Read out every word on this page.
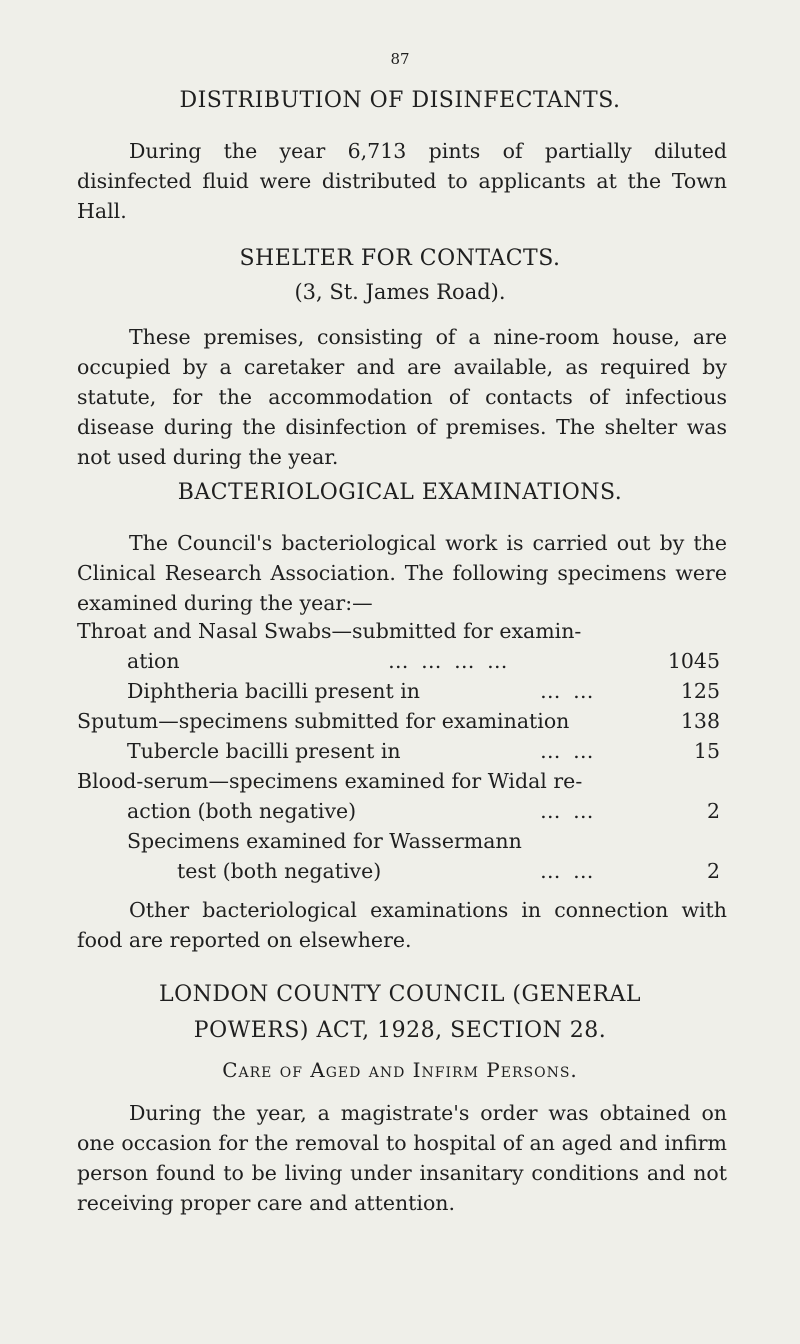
87
DISTRIBUTION OF DISINFECTANTS.

During the year 6,713 pints of partially diluted disinfected fluid were distributed to applicants at the Town Hall.

SHELTER FOR CONTACTS.
(3, St. James Road).

These premises, consisting of a nine-room house, are occupied by a caretaker and are available, as required by statute, for the accommodation of contacts of infectious disease during the disinfection of premises. The shelter was not used during the year.

BACTERIOLOGICAL EXAMINATIONS.

The Council's bacteriological work is carried out by the Clinical Research Association. The following specimens were examined during the year:—

Throat and Nasal Swabs—submitted for examin-
ation	… … … …	1045
Diphtheria bacilli present in	… …	125
Sputum—specimens submitted for examination	138
Tubercle bacilli present in	… …	15
Blood-serum—specimens examined for Widal re-
action (both negative)	… …	2
Specimens examined for Wassermann
test (both negative)	… …	2

Other bacteriological examinations in connection with food are reported on elsewhere.

LONDON COUNTY COUNCIL (GENERAL
POWERS) ACT, 1928, SECTION 28.
Care of Aged and Infirm Persons.

During the year, a magistrate's order was obtained on one occasion for the removal to hospital of an aged and infirm person found to be living under insanitary conditions and not receiving proper care and attention.
